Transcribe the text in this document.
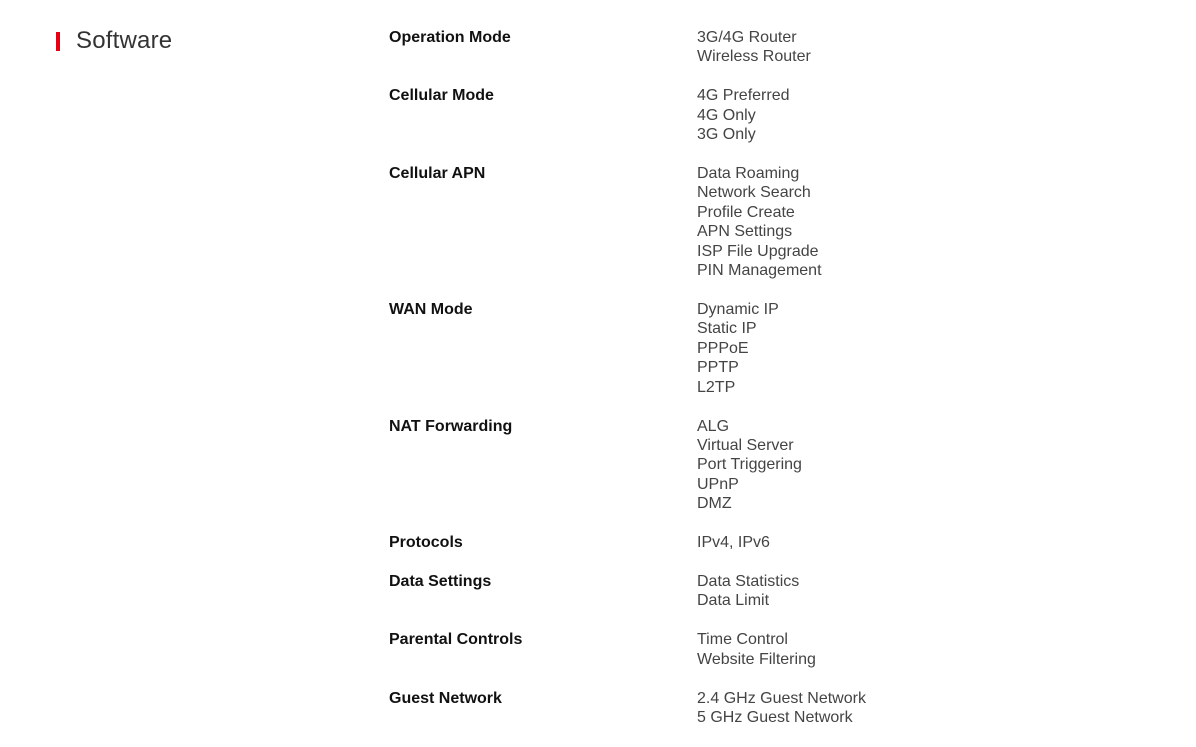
Software	Operation Mode	3G/4G Router
Wireless Router
Cellular Mode	4G Preferred
4G Only
3G Only
Cellular APN	Data Roaming
Network Search
Profile Create
APN Settings
ISP File Upgrade
PIN Management
WAN Mode	Dynamic IP
Static IP
PPPoE
PPTP
L2TP
NAT Forwarding	ALG
Virtual Server
Port Triggering
UPnP
DMZ
Protocols	IPv4, IPv6
Data Settings	Data Statistics
Data Limit
Parental Controls	Time Control
Website Filtering
Guest Network	2.4 GHz Guest Network
5 GHz Guest Network
